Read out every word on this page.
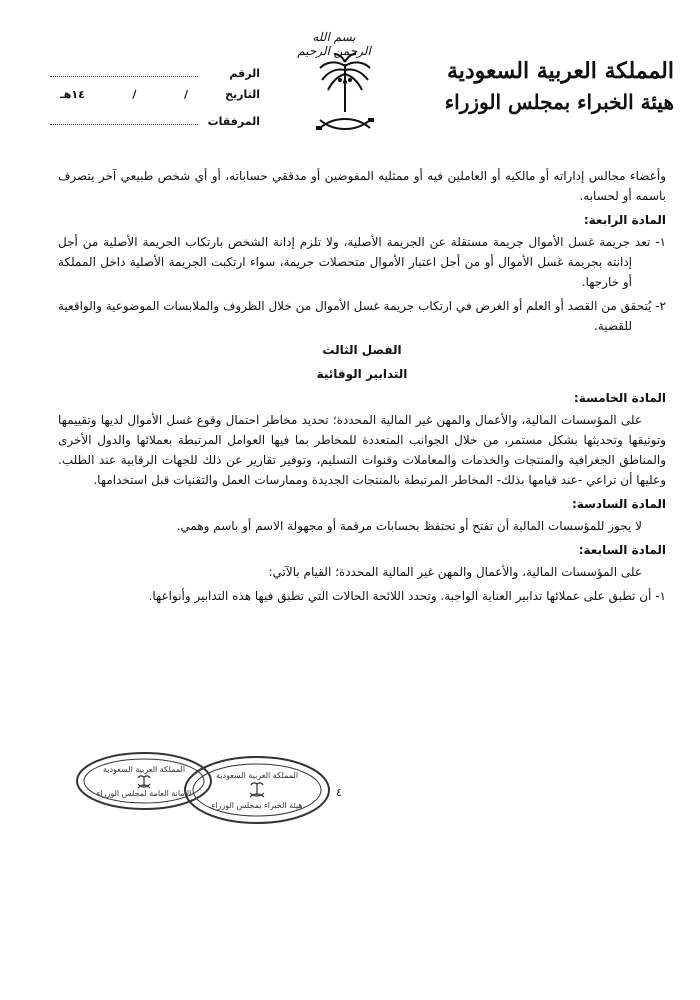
بسم الله الرحمن الرحيم
المملكة العربية السعودية
هيئة الخبراء بمجلس الوزراء
الرقم
التاريخ
/
/
١٤هـ
المرفقات

وأعضاء مجالس إداراته أو مالكيه أو العاملين فيه أو ممثليه المفوضين أو مدققي حساباته، أو أي شخص طبيعي آخر يتصرف باسمه أو لحسابه.

المادة الرابعة:

١- تعد جريمة غسل الأموال جريمة مستقلة عن الجريمة الأصلية، ولا تلزم إدانة الشخص بارتكاب الجريمة الأصلية من أجل إدانته بجريمة غسل الأموال أو من أجل اعتبار الأموال متحصلات جريمة، سواء ارتكبت الجريمة الأصلية داخل المملكة أو خارجها.

٢- يُتحقق من القصد أو العلم أو الغرض في ارتكاب جريمة غسل الأموال من خلال الظروف والملابسات الموضوعية والواقعية للقضية.

الفصل الثالث
التدابير الوقائية
المادة الخامسة:

على المؤسسات المالية، والأعمال والمهن غير المالية المحددة؛ تحديد مخاطر احتمال وقوع غسل الأموال لديها وتقييمها وتوثيقها وتحديثها بشكل مستمر، من خلال الجوانب المتعددة للمخاطر بما فيها العوامل المرتبطة بعملائها والدول الأخرى والمناطق الجغرافية والمنتجات والخدمات والمعاملات وقنوات التسليم، وتوفير تقارير عن ذلك للجهات الرقابية عند الطلب. وعليها أن تراعي -عند قيامها بذلك- المخاطر المرتبطة بالمنتجات الجديدة وممارسات العمل والتقنيات قبل استخدامها.

المادة السادسة:

لا يجوز للمؤسسات المالية أن تفتح أو تحتفظ بحسابات مرقمة أو مجهولة الاسم أو باسم وهمي.

المادة السابعة:

على المؤسسات المالية، والأعمال والمهن غير المالية المحددة؛ القيام بالآتي:

١- أن تطبق على عملائها تدابير العناية الواجبة. وتحدد اللائحة الحالات التي تطبق فيها هذه التدابير وأنواعها.

٤
المملكة العربية السعودية
الأمانة العامة لمجلس الوزراء
المملكة العربية السعودية
هيئة الخبراء بمجلس الوزراء
